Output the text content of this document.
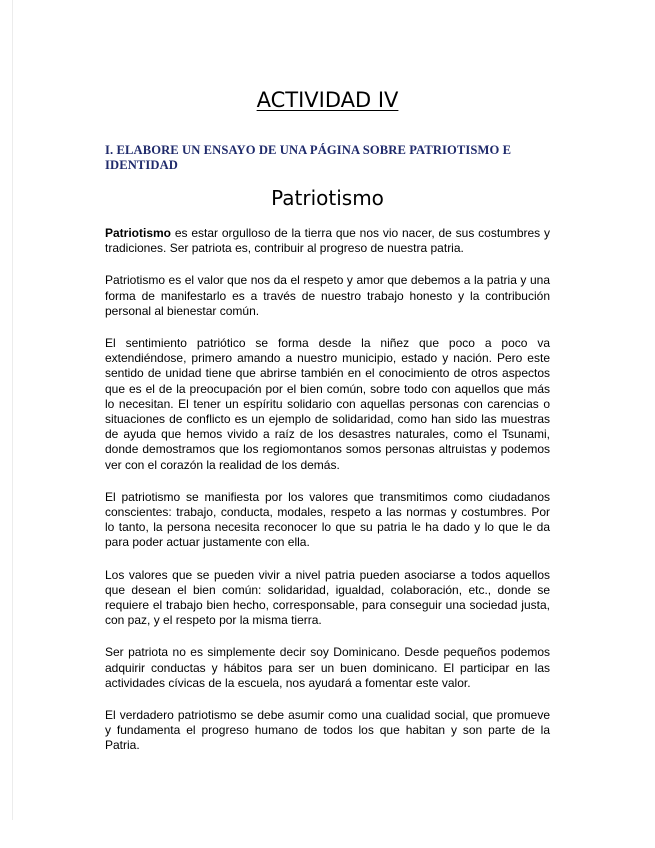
ACTIVIDAD IV
I. ELABORE UN ENSAYO DE UNA PÁGINA SOBRE PATRIOTISMO E IDENTIDAD
Patriotismo

Patriotismo es estar orgulloso de la tierra que nos vio nacer, de sus costumbres y tradiciones. Ser patriota es, contribuir al progreso de nuestra patria.

Patriotismo es el valor que nos da el respeto y amor que debemos a la patria y una forma de manifestarlo es a través de nuestro trabajo honesto y la contribución personal al bienestar común.

El sentimiento patriótico se forma desde la niñez que poco a poco va extendiéndose, primero amando a nuestro municipio, estado y nación. Pero este sentido de unidad tiene que abrirse también en el conocimiento de otros aspectos que es el de la preocupación por el bien común, sobre todo con aquellos que más lo necesitan. El tener un espíritu solidario con aquellas personas con carencias o situaciones de conflicto es un ejemplo de solidaridad, como han sido las muestras de ayuda que hemos vivido a raíz de los desastres naturales, como el Tsunami, donde demostramos que los regiomontanos somos personas altruistas y podemos ver con el corazón la realidad de los demás.

El patriotismo se manifiesta por los valores que transmitimos como ciudadanos conscientes: trabajo, conducta, modales, respeto a las normas y costumbres. Por lo tanto, la persona necesita reconocer lo que su patria le ha dado y lo que le da para poder actuar justamente con ella.

Los valores que se pueden vivir a nivel patria pueden asociarse a todos aquellos que desean el bien común: solidaridad, igualdad, colaboración, etc., donde se requiere el trabajo bien hecho, corresponsable, para conseguir una sociedad justa, con paz, y el respeto por la misma tierra.

Ser patriota no es simplemente decir soy Dominicano. Desde pequeños podemos adquirir conductas y hábitos para ser un buen dominicano. El participar en las actividades cívicas de la escuela, nos ayudará a fomentar este valor.

El verdadero patriotismo se debe asumir como una cualidad social, que promueve y fundamenta el progreso humano de todos los que habitan y son parte de la Patria.
